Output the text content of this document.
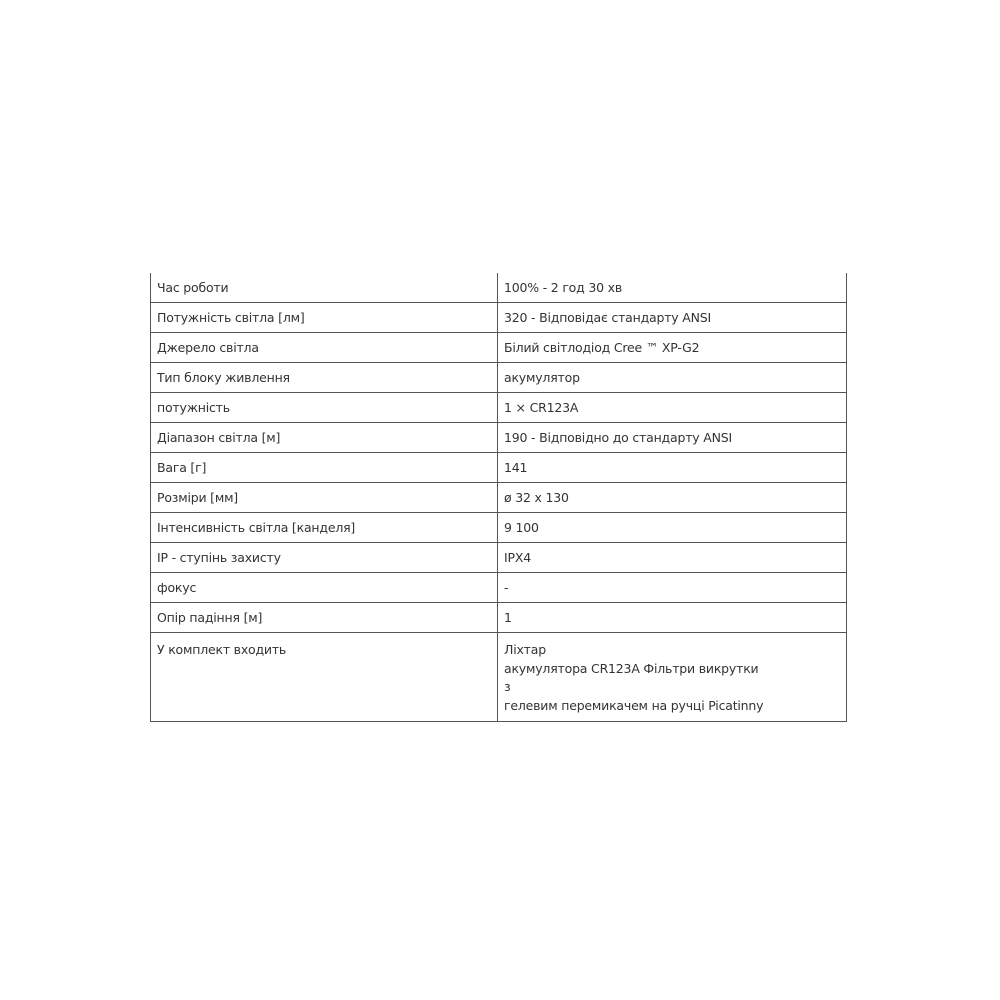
Час роботи	100% - 2 год 30 хв
Потужність світла [лм]	320 - Відповідає стандарту ANSI
Джерело світла	Білий світлодіод Cree ™ XP-G2
Тип блоку живлення	акумулятор
потужність	1 × CR123A
Діапазон світла [м]	190 - Відповідно до стандарту ANSI
Вага [г]	141
Розміри [мм]	ø 32 x 130
Інтенсивність світла [канделя]	9 100
IP - ступінь захисту	IPX4
фокус	-
Опір падіння [м]	1
У комплект входить	Ліхтар
акумулятора CR123A Фільтри викрутки
з
гелевим перемикачем на ручці Picatinny
